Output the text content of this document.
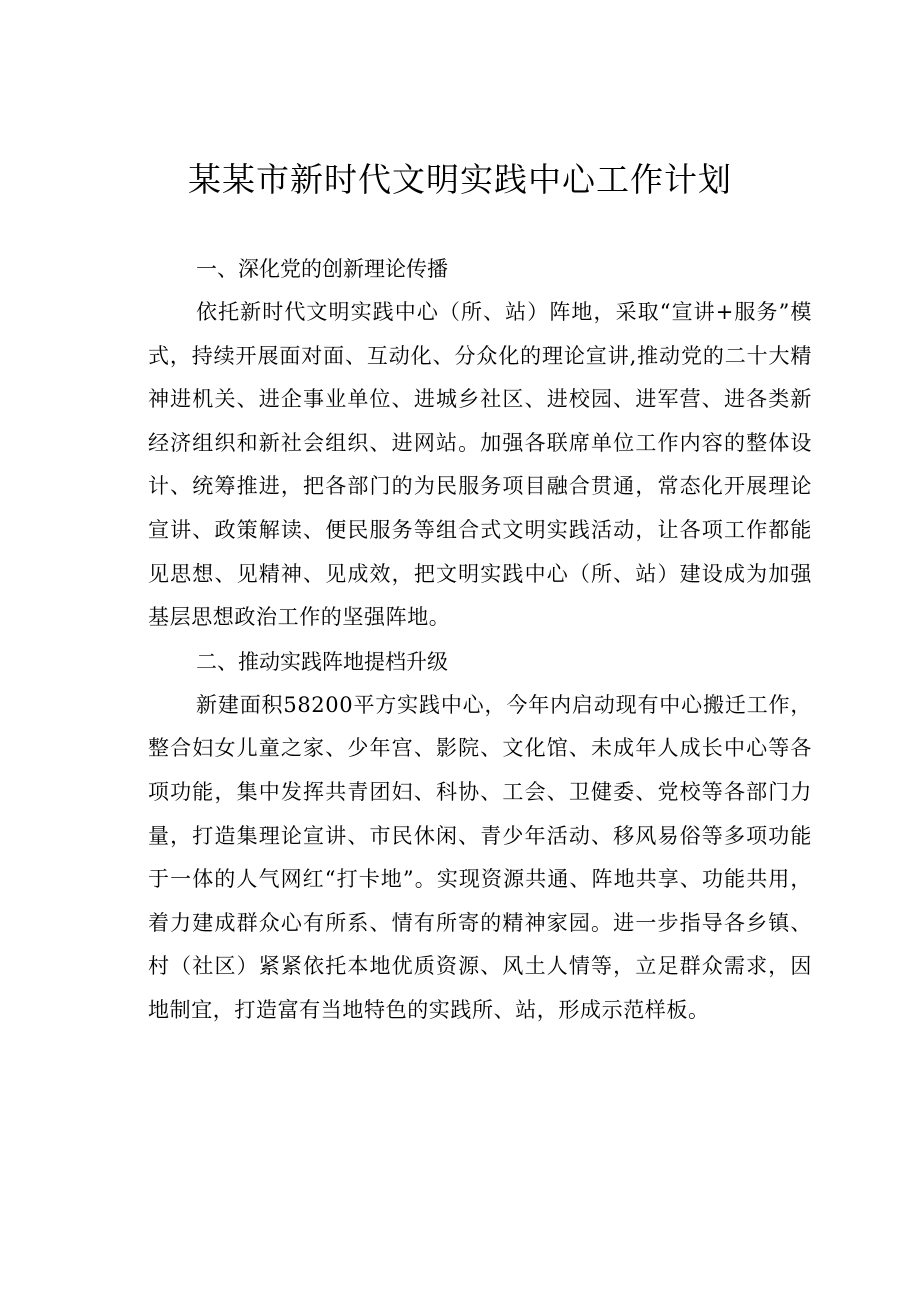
某某市新时代文明实践中心工作计划
一、深化党的创新理论传播

依托新时代文明实践中心（所、站）阵地，采取“宣讲+服务”模式，持续开展面对面、互动化、分众化的理论宣讲,推动党的二十大精神进机关、进企事业单位、进城乡社区、进校园、进军营、进各类新经济组织和新社会组织、进网站。加强各联席单位工作内容的整体设计、统筹推进，把各部门的为民服务项目融合贯通，常态化开展理论宣讲、政策解读、便民服务等组合式文明实践活动，让各项工作都能见思想、见精神、见成效，把文明实践中心（所、站）建设成为加强基层思想政治工作的坚强阵地。

二、推动实践阵地提档升级

新建面积58200平方实践中心，今年内启动现有中心搬迁工作，整合妇女儿童之家、少年宫、影院、文化馆、未成年人成长中心等各项功能，集中发挥共青团妇、科协、工会、卫健委、党校等各部门力量，打造集理论宣讲、市民休闲、青少年活动、移风易俗等多项功能于一体的人气网红“打卡地”。实现资源共通、阵地共享、功能共用，着力建成群众心有所系、情有所寄的精神家园。进一步指导各乡镇、村（社区）紧紧依托本地优质资源、风土人情等，立足群众需求，因地制宜，打造富有当地特色的实践所、站，形成示范样板。
